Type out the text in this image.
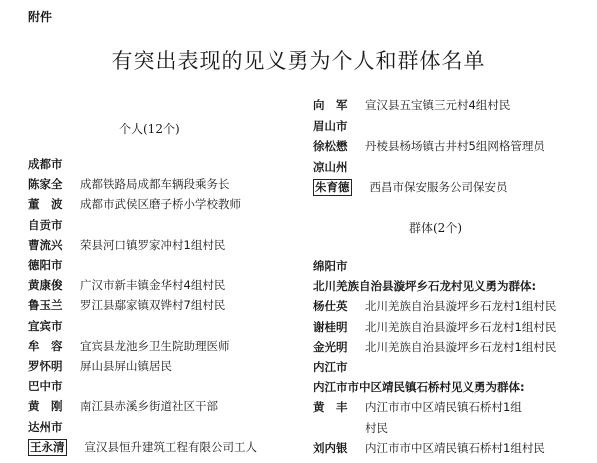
附件
有突出表现的见义勇为个人和群体名单
个人(12个)
成都市
陈家全 成都铁路局成都车辆段乘务长
董　波 成都市武侯区磨子桥小学校教师
自贡市
曹流兴 荣县河口镇罗家冲村1组村民
德阳市
黄康俊 广汉市新丰镇金华村4组村民
鲁玉兰 罗江县鄢家镇双铧村7组村民
宜宾市
牟　容 宜宾县龙池乡卫生院助理医师
罗怀明 屏山县屏山镇居民
巴中市
黄　刚 南江县赤溪乡街道社区干部
达州市
王永清 宣汉县恒升建筑工程有限公司工人
向　军 宣汉县五宝镇三元村4组村民
眉山市
徐松懋 丹棱县杨场镇古井村5组网格管理员
凉山州
朱育德 西昌市保安服务公司保安员
群体(2个)
绵阳市
北川羌族自治县漩坪乡石龙村见义勇为群体:
杨仕英 北川羌族自治县漩坪乡石龙村1组村民
谢桂明 北川羌族自治县漩坪乡石龙村1组村民
金光明 北川羌族自治县漩坪乡石龙村1组村民
内江市
内江市市中区靖民镇石桥村见义勇为群体:
黄　丰 内江市市中区靖民镇石桥村1组
村民
刘内银 内江市市中区靖民镇石桥村1组村民
